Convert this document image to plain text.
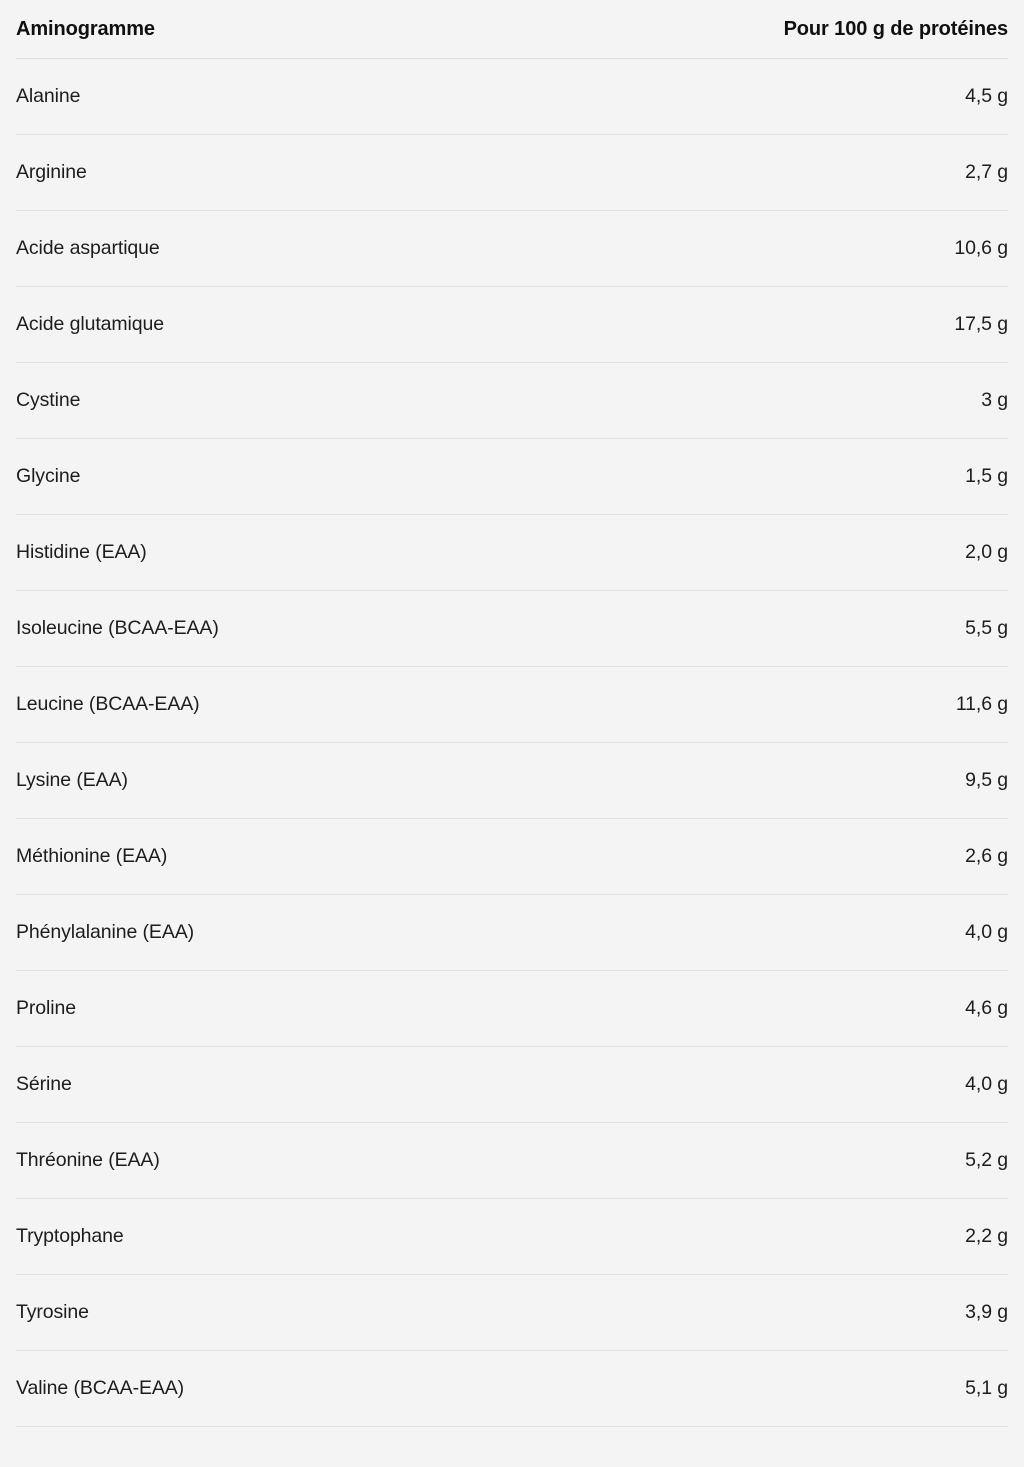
Aminogramme	Pour 100 g de protéines
Alanine	4,5 g
Arginine	2,7 g
Acide aspartique	10,6 g
Acide glutamique	17,5 g
Cystine	3 g
Glycine	1,5 g
Histidine (EAA)	2,0 g
Isoleucine (BCAA-EAA)	5,5 g
Leucine (BCAA-EAA)	11,6 g
Lysine (EAA)	9,5 g
Méthionine (EAA)	2,6 g
Phénylalanine (EAA)	4,0 g
Proline	4,6 g
Sérine	4,0 g
Thréonine (EAA)	5,2 g
Tryptophane	2,2 g
Tyrosine	3,9 g
Valine (BCAA-EAA)	5,1 g
